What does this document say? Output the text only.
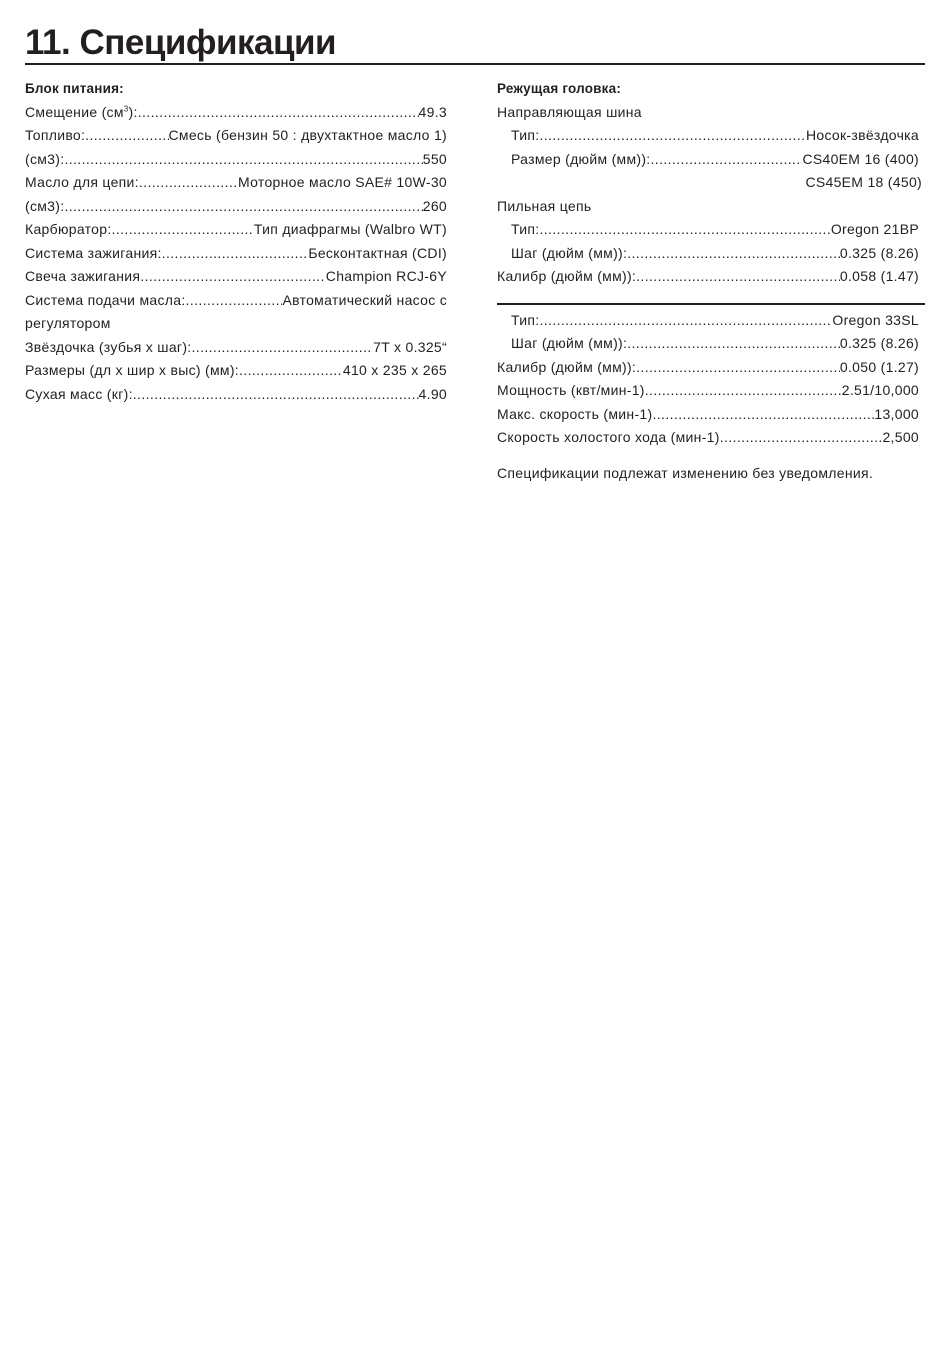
11. Спецификации
Блок питания:
Смещение $(см^3)$: .....	49.3
Топливо: .....	Смесь (бензин 50 : двухтактное масло 1)
(см3): .....	550
Масло для цепи: .....	Моторное масло SAE# 10W-30
(см3): .....	260
Карбюратор: .....	Тип диафрагмы (Walbro WT)
Система зажигания: .....	Бесконтактная (CDI)
Свеча зажигания .....	Champion RCJ-6Y
Система подачи масла: .....	Автоматический насос с
регулятором
Звёздочка (зубья x шаг): .....	7T x 0.325“
Размеры (дл x шир x выс) (мм): .....	410 x 235 x 265
Сухая масс (кг): .....	4.90
Режущая головка:
Направляющая шина
Тип: .....	Носок-звёздочка
Размер (дюйм (мм)): .....	CS40EM 16 (400)
CS45EM 18 (450)
Пильная цепь
Тип: .....	Oregon 21BP
Шаг (дюйм (мм)): .....	0.325 (8.26)
Калибр (дюйм (мм)): .....	0.058 (1.47)
Тип: .....	Oregon 33SL
Шаг (дюйм (мм)): .....	0.325 (8.26)
Калибр (дюйм (мм)): .....	0.050 (1.27)
Мощность (квт/мин-1) .....	2.51/10,000
Макс. скорость (мин-1) .....	13,000
Скорость холостого хода (мин-1) .....	2,500
Спецификации подлежат изменению без уведомления.
